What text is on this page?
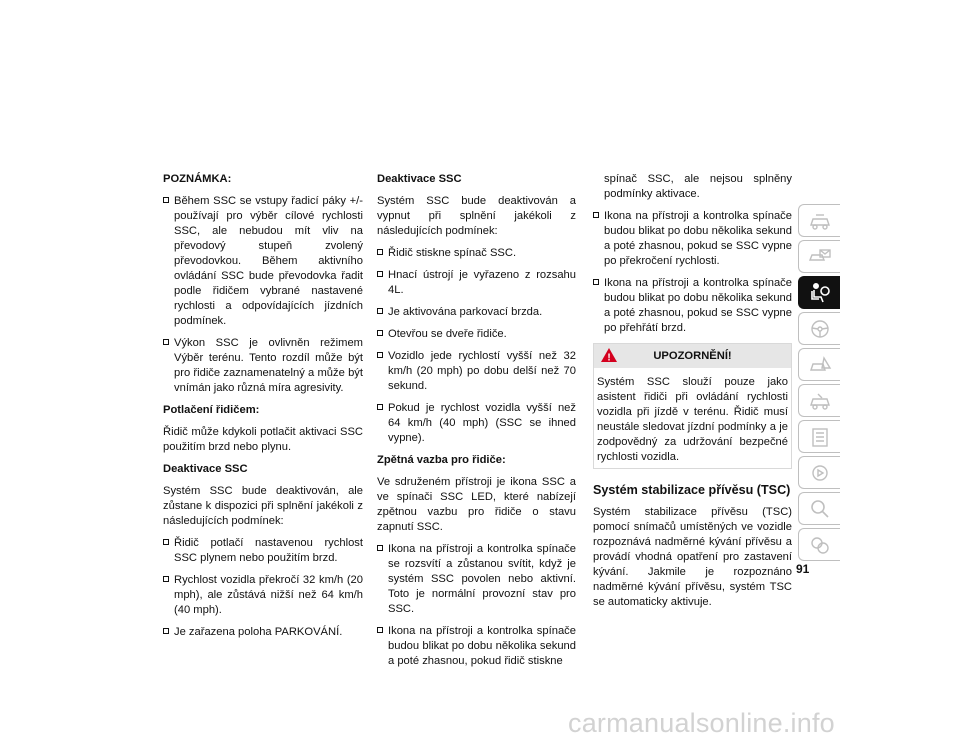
POZNÁMKA:
Během SSC se vstupy řadicí páky +/- používají pro výběr cílové rychlosti SSC, ale nebudou mít vliv na převodový stupeň zvolený převodovkou. Během aktivního ovládání SSC bude převodovka řadit podle řidičem vybrané nastavené rychlosti a odpovídajících jízdních podmínek.
Výkon SSC je ovlivněn režimem Výběr terénu. Tento rozdíl může být pro řidiče zaznamenatelný a může být vnímán jako různá míra agresivity.
Potlačení řidičem:

Řidič může kdykoli potlačit aktivaci SSC použitím brzd nebo plynu.

Deaktivace SSC

Systém SSC bude deaktivován, ale zůstane k dispozici při splnění jakékoli z následujících podmínek:

Řidič potlačí nastavenou rychlost SSC plynem nebo použitím brzd.
Rychlost vozidla překročí 32 km/h (20 mph), ale zůstává nižší než 64 km/h (40 mph).
Je zařazena poloha PARKOVÁNÍ.
Deaktivace SSC

Systém SSC bude deaktivován a vypnut při splnění jakékoli z následujících podmínek:

Řidič stiskne spínač SSC.
Hnací ústrojí je vyřazeno z rozsahu 4L.
Je aktivována parkovací brzda.
Otevřou se dveře řidiče.
Vozidlo jede rychlostí vyšší než 32 km/h (20 mph) po dobu delší než 70 sekund.
Pokud je rychlost vozidla vyšší než 64 km/h (40 mph) (SSC se ihned vypne).
Zpětná vazba pro řidiče:

Ve sdruženém přístroji je ikona SSC a ve spínači SSC LED, které nabízejí zpětnou vazbu pro řidiče o stavu zapnutí SSC.

Ikona na přístroji a kontrolka spínače se rozsvítí a zůstanou svítit, když je systém SSC povolen nebo aktivní. Toto je normální provozní stav pro SSC.
Ikona na přístroji a kontrolka spínače budou blikat po dobu několika sekund a poté zhasnou, pokud řidič stiskne

spínač SSC, ale nejsou splněny podmínky aktivace.

Ikona na přístroji a kontrolka spínače budou blikat po dobu několika sekund a poté zhasnou, pokud se SSC vypne po překročení rychlosti.
Ikona na přístroji a kontrolka spínače budou blikat po dobu několika sekund a poté zhasnou, pokud se SSC vypne po přehřátí brzd.
!	UPOZORNĚNÍ!

Systém SSC slouží pouze jako asistent řidiči při ovládání rychlosti vozidla při jízdě v terénu. Řidič musí neustále sledovat jízdní podmínky a je zodpovědný za udržování bezpečné rychlosti vozidla.

Systém stabilizace přívěsu (TSC)

Systém stabilizace přívěsu (TSC) pomocí snímačů umístěných ve vozidle rozpoznává nadměrné kývání přívěsu a provádí vhodná opatření pro zastavení kývání. Jakmile je rozpoznáno nadměrné kývání přívěsu, systém TSC se automaticky aktivuje.

91
carmanualsonline.info
